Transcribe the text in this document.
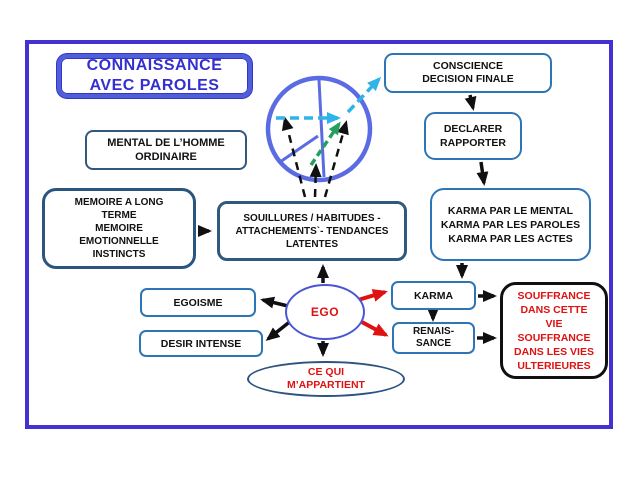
CONNAISSANCE
AVEC PAROLES
CONSCIENCE
DECISION FINALE
DECLARER
RAPPORTER
MENTAL DE L’HOMME
ORDINAIRE
MEMOIRE A LONG
TERME
MEMOIRE
EMOTIONNELLE
INSTINCTS
SOUILLURES / HABITUDES -
ATTACHEMENTS`- TENDANCES
LATENTES
KARMA PAR LE MENTAL
KARMA PAR LES PAROLES
KARMA PAR LES ACTES
EGOISME
DESIR INTENSE
EGO
KARMA
RENAIS-
SANCE
SOUFFRANCE
DANS CETTE
VIE
SOUFFRANCE
DANS LES VIES
ULTERIEURES
CE QUI
M’APPARTIENT
